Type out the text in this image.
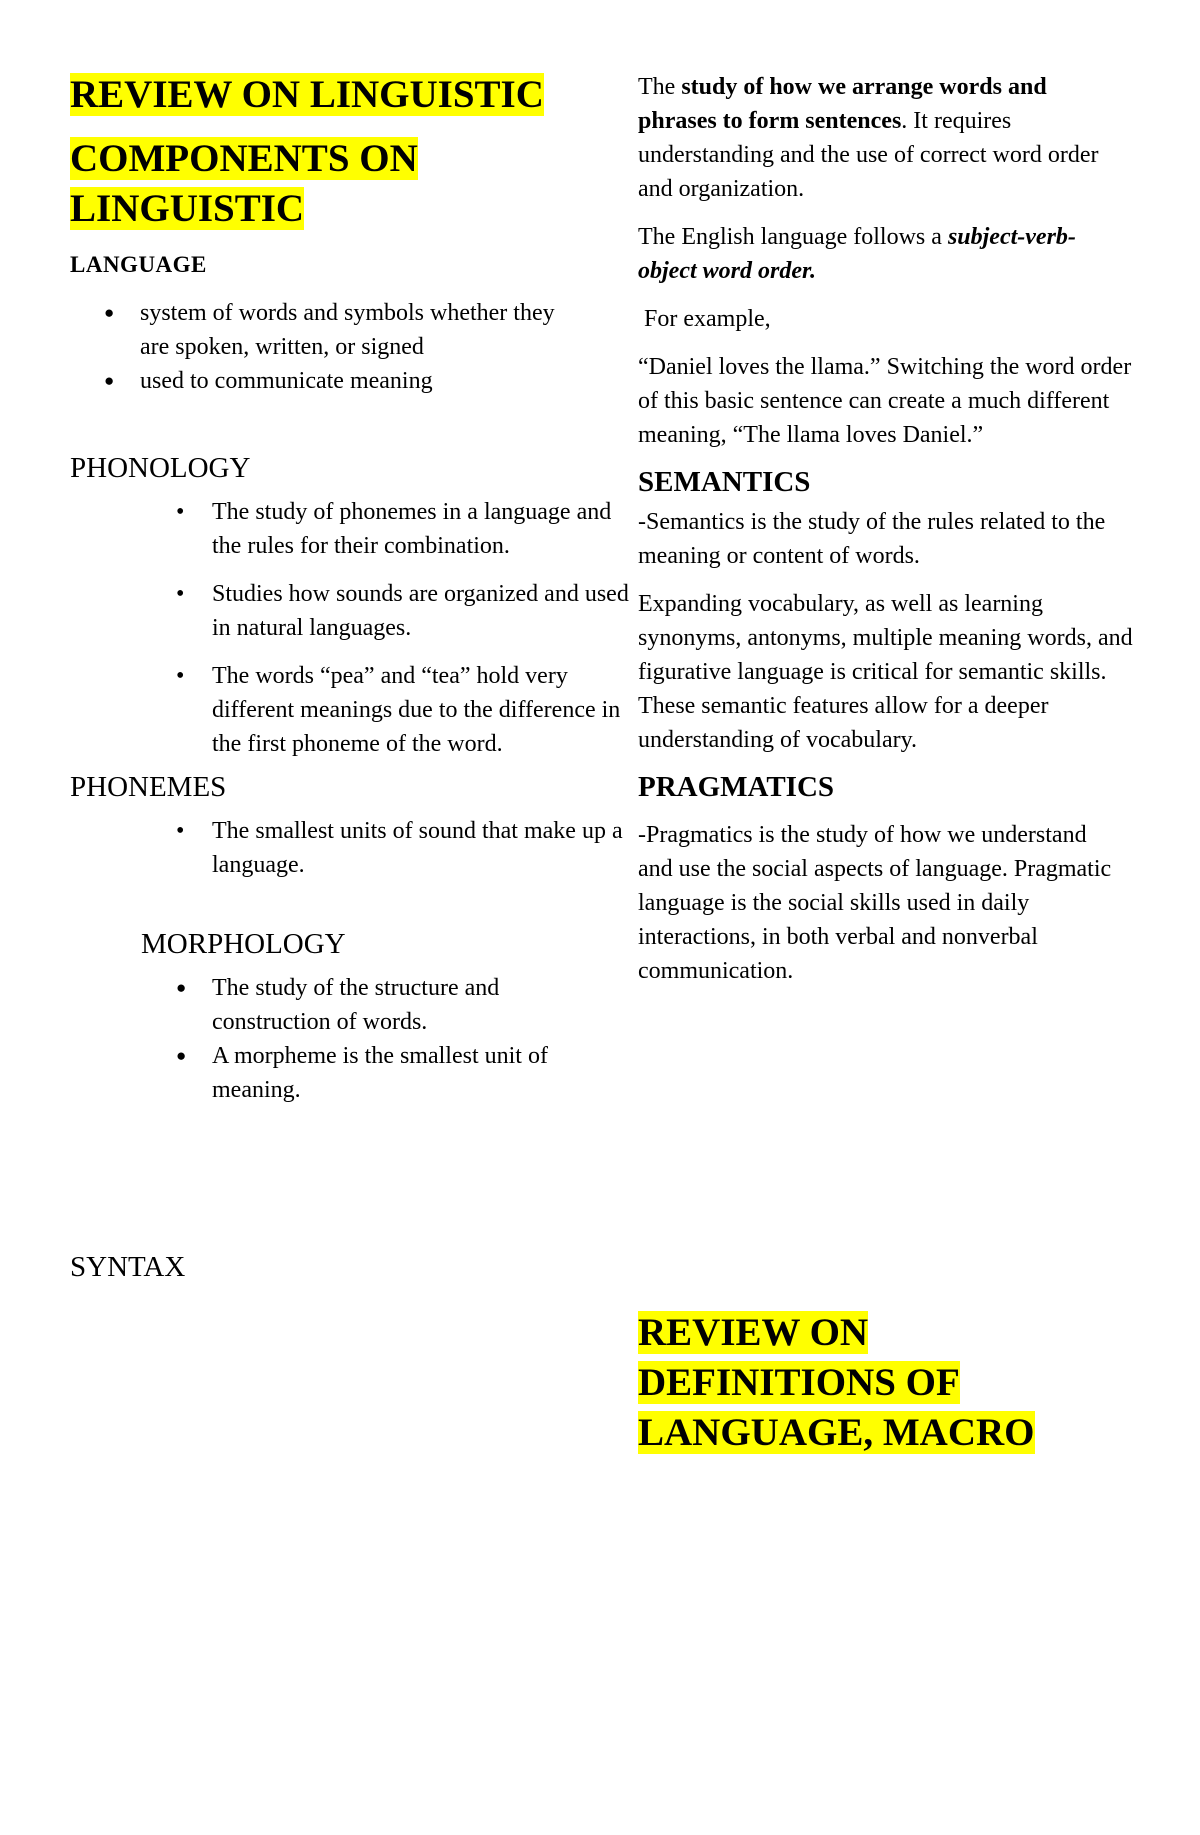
REVIEW ON LINGUISTIC
COMPONENTS ON LINGUISTIC
LANGUAGE
● system of words and symbols whether they are spoken, written, or signed
● used to communicate meaning
PHONOLOGY
• The study of phonemes in a language and the rules for their combination.
• Studies how sounds are organized and used in natural languages.
• The words “pea” and “tea” hold very different meanings due to the difference in the first phoneme of the word.
PHONEMES
• The smallest units of sound that make up a language.
MORPHOLOGY
● The study of the structure and construction of words.
● A morpheme is the smallest unit of meaning.
SYNTAX

The study of how we arrange words and phrases to form sentences. It requires understanding and the use of correct word order and organization.

The English language follows a subject-verb-object word order.

For example,

“Daniel loves the llama.” Switching the word order of this basic sentence can create a much different meaning, “The llama loves Daniel.”

SEMANTICS

-Semantics is the study of the rules related to the meaning or content of words.

Expanding vocabulary, as well as learning synonyms, antonyms, multiple meaning words, and figurative language is critical for semantic skills. These semantic features allow for a deeper understanding of vocabulary.

PRAGMATICS

-Pragmatics is the study of how we understand and use the social aspects of language. Pragmatic language is the social skills used in daily interactions, in both verbal and nonverbal communication.

REVIEW ON DEFINITIONS OF LANGUAGE, MACRO
